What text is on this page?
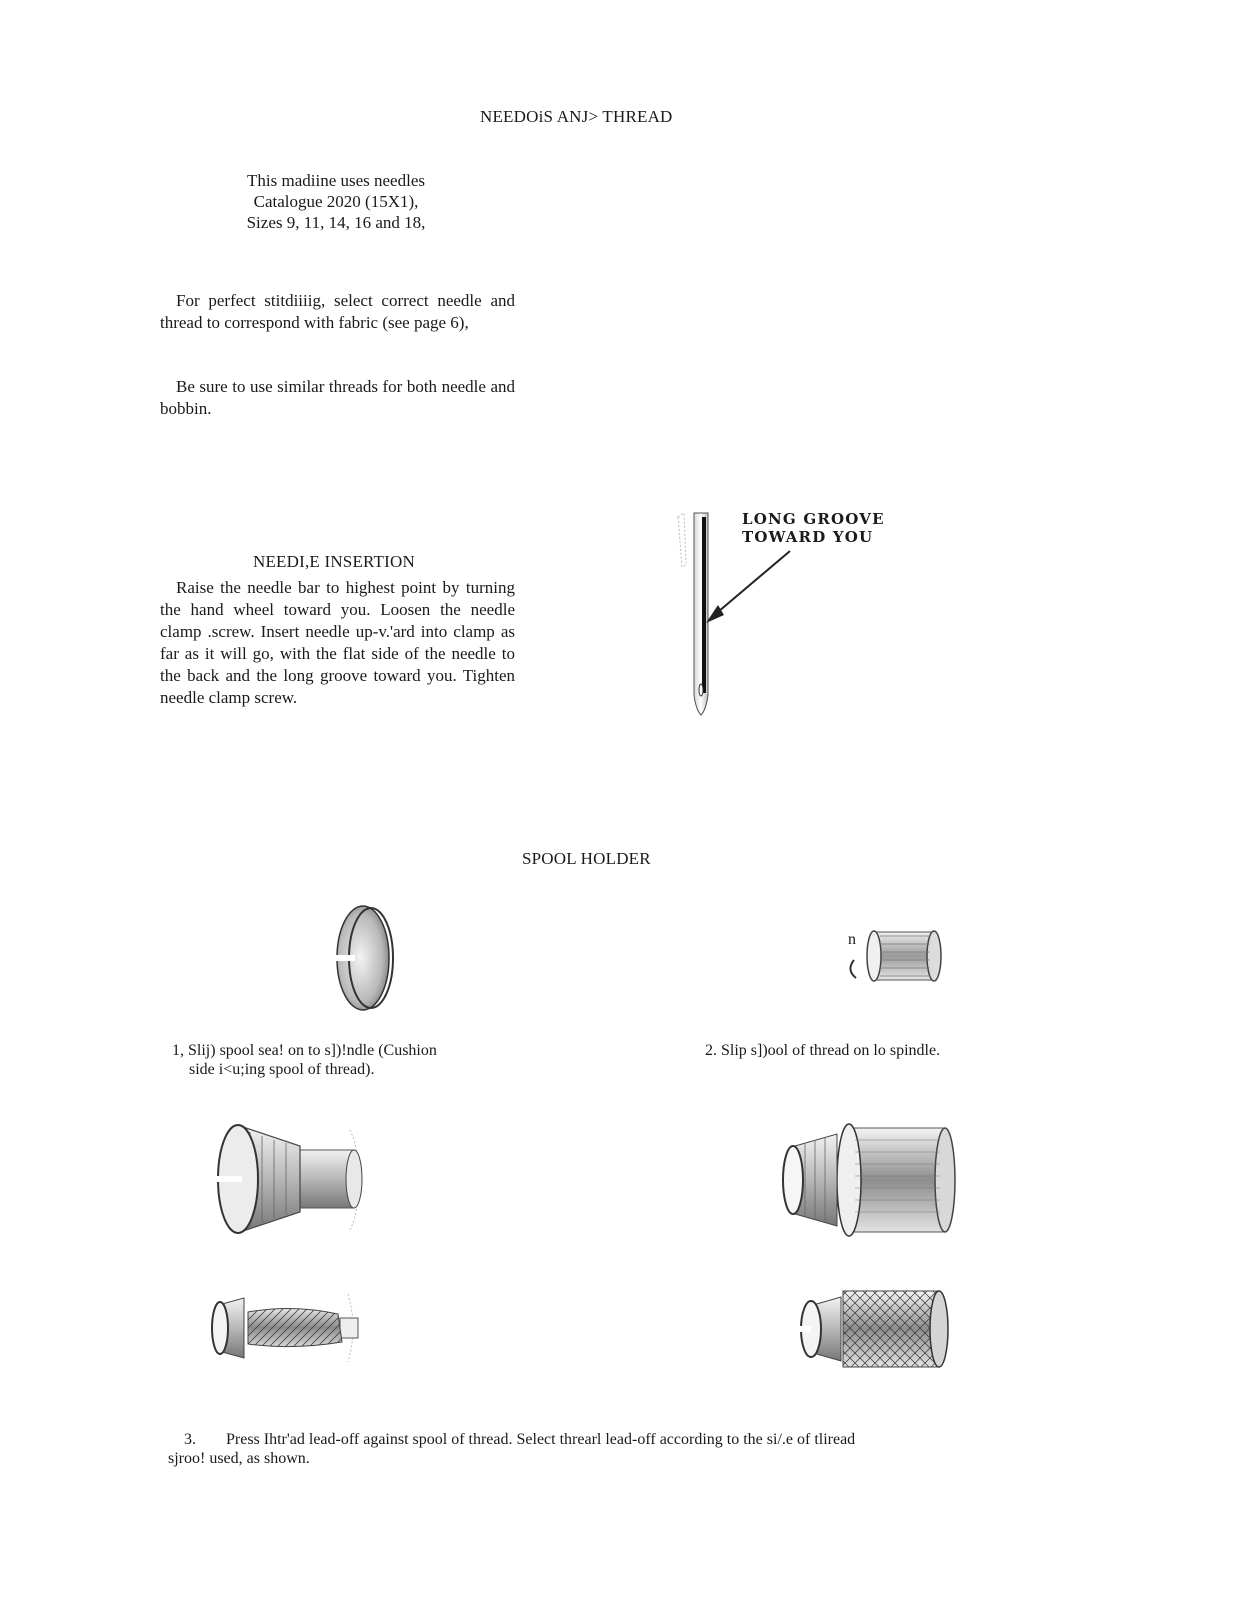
NEEDOiS ANJ> THREAD
This madiine uses needles
Catalogue 2020 (15X1),
Sizes 9, 11, 14, 16 and 18,
For perfect stitdiiiig, select correct needle and thread to correspond with fabric (see page 6),
Be sure to use similar threads for both needle and bobbin.
NEEDI,E INSERTION
Raise the needle bar to highest point by turning the hand wheel toward you. Loosen the needle clamp .screw. Insert needle up-v.'ard into clamp as far as it will go, with the flat side of the needle to the back and the long groove toward you. Tighten needle clamp screw.
LONG GROOVE
TOWARD YOU
SPOOL HOLDER
n
1, Slij) spool sea! on to s])!ndle (Cushion
side i<u;ing spool of thread).
2. Slip s])ool of thread on lo spindle.
3. Press Ihtr'ad lead-off against spool of thread. Select threarl lead-off according to the si/.e of tliread
sjroo! used, as shown.
